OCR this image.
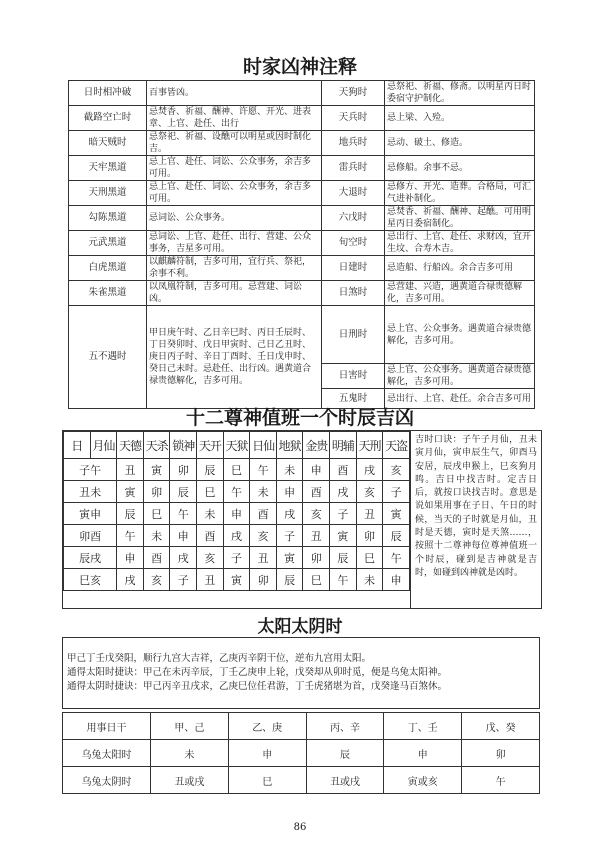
时家凶神注释
日时相冲破	百事皆凶。	天狗时	忌祭祀、祈福、修斋。以明星丙日时委宿守护制化。
截路空亡时	忌焚香、祈福、酬神、许愿、开光、进表章、上官、赴任、出行	天兵时	忌上梁、入殓。
暗天贼时	忌祭祀、祈福、设醮可以明星或因时制化吉。	地兵时	忌动、破土、修造。
天牢黑道	忌上官、赴任、词讼、公众事务，余吉多可用。	雷兵时	忌修船。余事不忌。
天刑黑道	忌上官、赴任、词讼、公众事务，余吉多可用。	大退时	忌修方、开光、造葬。合格局，可汇气进补制化。
勾陈黑道	忌词讼、公众事务。	六戊时	忌焚香、祈福、酬神、起醮。可用明星丙日委宿制化。
元武黑道	忌词讼、上官、赴任、出行、营建、公众事务，吉星多可用。	旬空时	忌出行、上官、赴任、求财凶，宜开生坟、合寿木吉。
白虎黑道	以麒麟符制，吉多可用，宜行兵、祭祀，余事不利。	日建时	忌造船、行船凶。余合吉多可用
朱雀黑道	以凤凰符制，吉多可用。忌营建、词讼凶。	日煞时	忌营建、兴造，遇黄道合禄贵德解化，吉多可用。
五不遇时	甲日庚午时、乙日辛巳时、丙日壬辰时、丁日癸卯时、戊日甲寅时、己日乙丑时、庚日丙子时、辛日丁酉时、壬日戊申时、癸日己未时。忌赴任、出行凶。遇黄道合禄贵德解化，吉多可用。	日刑时	忌上官、公众事务。遇黄道合禄贵德解化，吉多可用。
		日害时	忌上官、公众事务。遇黄道合禄贵德解化，吉多可用。
		五鬼时	忌出行、上官、赴任。余合吉多可用
十二尊神值班一个时辰吉凶
日	月仙	天德	天杀	锁神	天开	天狱	日仙	地狱	金贵	明辅	天刑	天盗
子午		丑	寅	卯	辰	巳	午	未	申	酉	戌	亥
丑未		寅	卯	辰	巳	午	未	申	酉	戌	亥	子
寅申		辰	巳	午	未	申	酉	戌	亥	子	丑	寅
卯酉		午	未	申	酉	戌	亥	子	丑	寅	卯	辰
辰戌		申	酉	戌	亥	子	丑	寅	卯	辰	巳	午
巳亥		戌	亥	子	丑	寅	卯	辰	巳	午	未	申
吉时口诀：子午子月仙，丑未寅月仙，寅申辰生气，卯酉马安居，辰戌申猴上，巳亥狗月鸣。吉日中找吉时。定吉日后，就按口诀找吉时。意思是说如果用事在子日、午日的时候，当天的子时就是月仙，丑时是天德，寅时是天煞……，按照十二尊神每位尊神值班一个时辰，碰到是吉神就是吉时，如碰到凶神就是凶时。
太阳太阴时
甲己丁壬戊癸阳，顺行九宫大吉祥，乙庚丙辛阴干位，逆布九宫用太阳。
通得太阳时捷诀：甲己在未丙辛辰，丁壬乙庚申上轮，戊癸却从卯时觅，便是乌兔太阳神。
通得太阴时捷诀：甲己丙辛丑戌求，乙庚巳位任君游，丁壬虎猪堪为首，戊癸逢马百煞休。
用事日干	甲、己	乙、庚	丙、辛	丁、壬	戊、癸
乌兔太阳时	未	申	辰	申	卯
乌兔太阴时	丑或戌	巳	丑或戌	寅或亥	午
86
